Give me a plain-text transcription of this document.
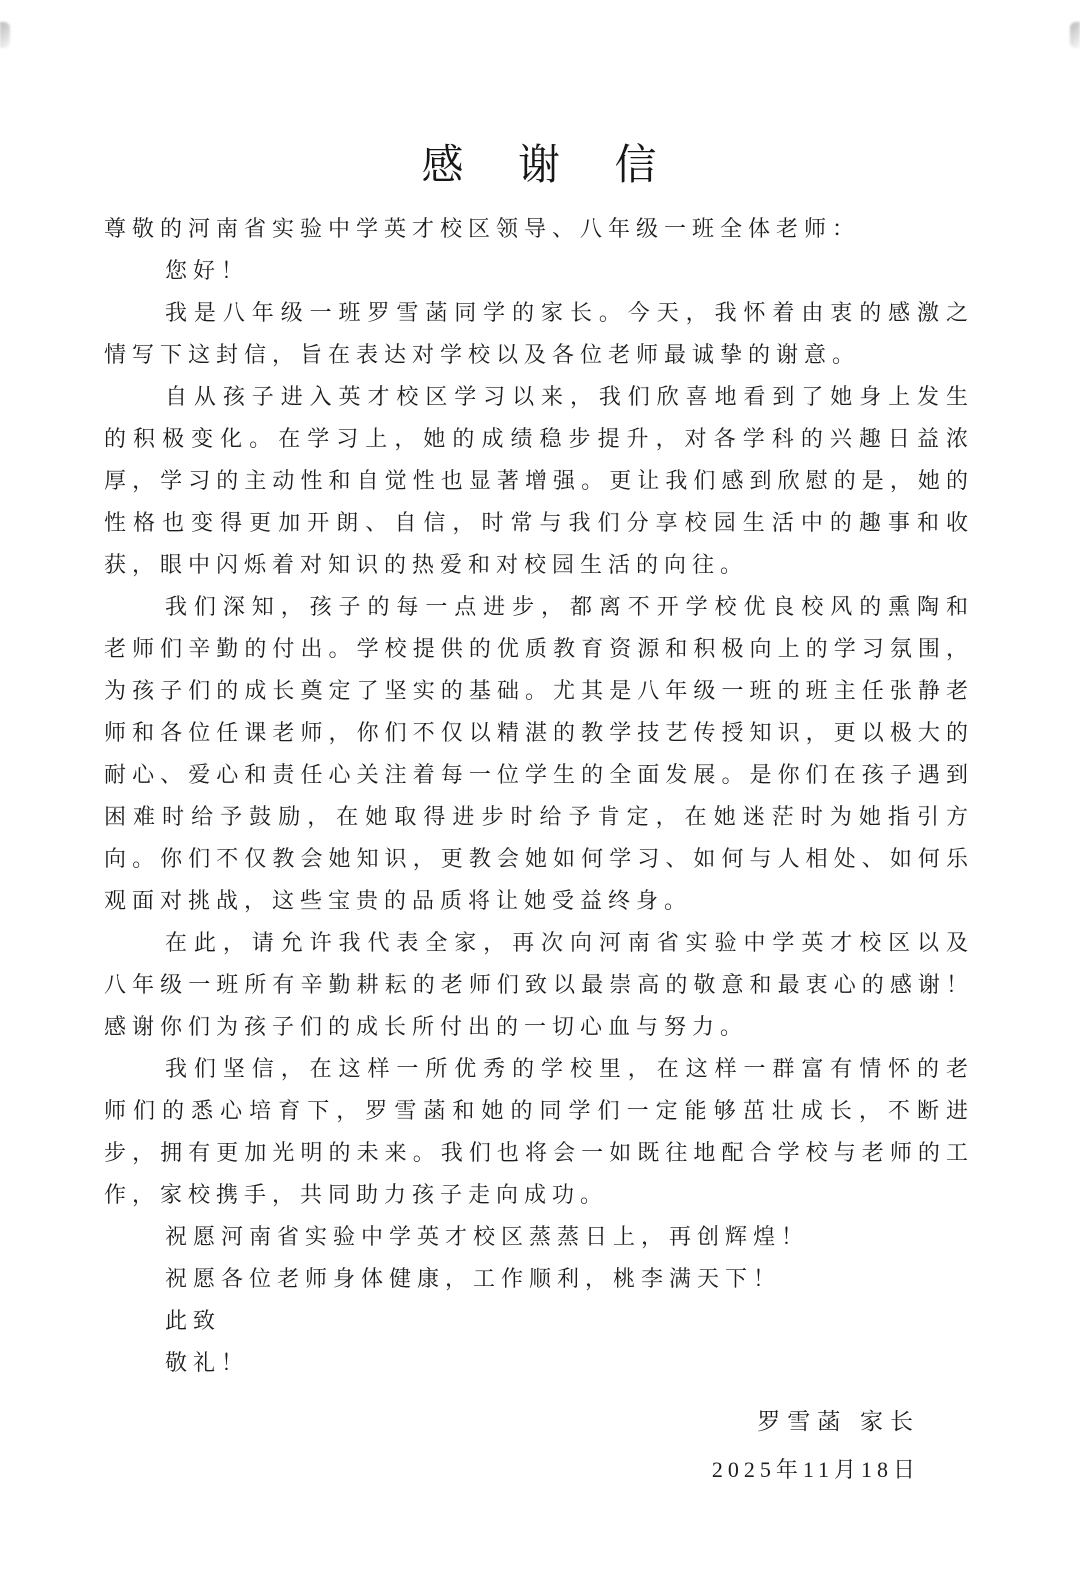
感 谢 信

尊敬的河南省实验中学英才校区领导、八年级一班全体老师：

您好！

我是八年级一班罗雪菡同学的家长。今天，我怀着由衷的感激之情写下这封信，旨在表达对学校以及各位老师最诚挚的谢意。

自从孩子进入英才校区学习以来，我们欣喜地看到了她身上发生的积极变化。在学习上，她的成绩稳步提升，对各学科的兴趣日益浓厚，学习的主动性和自觉性也显著增强。更让我们感到欣慰的是，她的性格也变得更加开朗、自信，时常与我们分享校园生活中的趣事和收获，眼中闪烁着对知识的热爱和对校园生活的向往。

我们深知，孩子的每一点进步，都离不开学校优良校风的熏陶和老师们辛勤的付出。学校提供的优质教育资源和积极向上的学习氛围，为孩子们的成长奠定了坚实的基础。尤其是八年级一班的班主任张静老师和各位任课老师，你们不仅以精湛的教学技艺传授知识，更以极大的耐心、爱心和责任心关注着每一位学生的全面发展。是你们在孩子遇到困难时给予鼓励，在她取得进步时给予肯定，在她迷茫时为她指引方向。你们不仅教会她知识，更教会她如何学习、如何与人相处、如何乐观面对挑战，这些宝贵的品质将让她受益终身。

在此，请允许我代表全家，再次向河南省实验中学英才校区以及八年级一班所有辛勤耕耘的老师们致以最崇高的敬意和最衷心的感谢！感谢你们为孩子们的成长所付出的一切心血与努力。

我们坚信，在这样一所优秀的学校里，在这样一群富有情怀的老师们的悉心培育下，罗雪菡和她的同学们一定能够茁壮成长，不断进步，拥有更加光明的未来。我们也将会一如既往地配合学校与老师的工作，家校携手，共同助力孩子走向成功。

祝愿河南省实验中学英才校区蒸蒸日上，再创辉煌！

祝愿各位老师身体健康，工作顺利，桃李满天下！

此致

敬礼！

罗雪菡 家长

2025年11月18日
